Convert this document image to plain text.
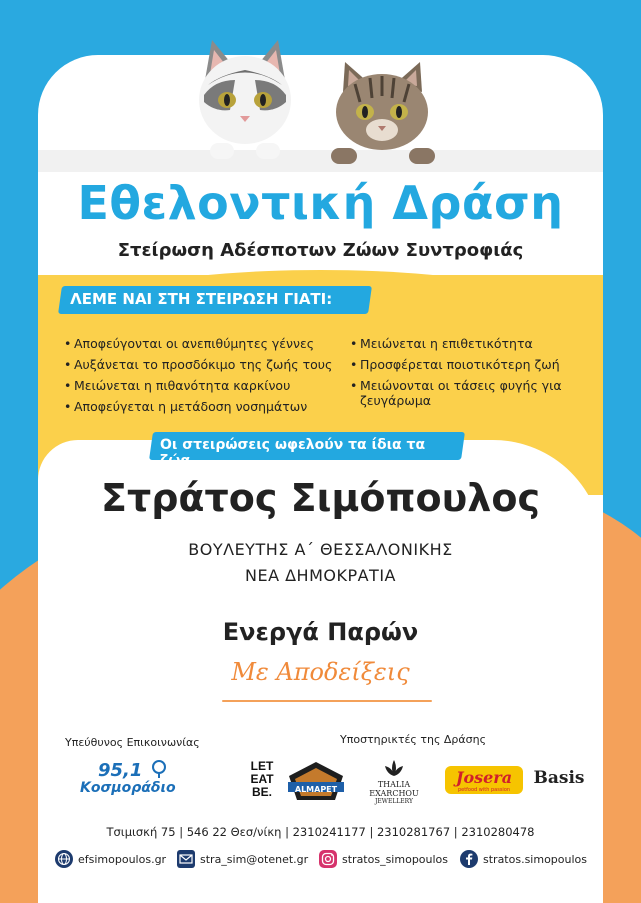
Εθελοντική Δράση
Στείρωση Αδέσποτων Ζώων Συντροφιάς
ΛΕΜΕ ΝΑΙ ΣΤΗ ΣΤΕΙΡΩΣΗ ΓΙΑΤΙ:
• Αποφεύγονται οι ανεπιθύμητες γέννες
• Αυξάνεται το προσδόκιμο της ζωής τους
• Μειώνεται η πιθανότητα καρκίνου
• Αποφεύγεται η μετάδοση νοσημάτων
• Μειώνεται η επιθετικότητα
• Προσφέρεται ποιοτικότερη ζωή
• Μειώνονται οι τάσεις φυγής για ζευγάρωμα
Οι στειρώσεις ωφελούν τα ίδια τα ζώα.
Στράτος Σιμόπουλος
ΒΟΥΛΕΥΤΗΣ Α΄ ΘΕΣΣΑΛΟΝΙΚΗΣ
ΝΕΑ ΔΗΜΟΚΡΑΤΙΑ
Ενεργά Παρών
Με Αποδείξεις
Υπεύθυνος Επικοινωνίας	Υποστηρικτές της Δράσης
95,1
Κοσμοράδιο
LET
EAT
BE.	ALMAPET
THALIA EXARCHOU
JEWELLERY
Josera
petfood with passion
Basis
Τσιμισκή 75 | 546 22 Θεσ/νίκη | 2310241177 | 2310281767 | 2310280478
efsimopoulos.gr	stra_sim@otenet.gr	stratos_simopoulos	stratos.simopoulos
